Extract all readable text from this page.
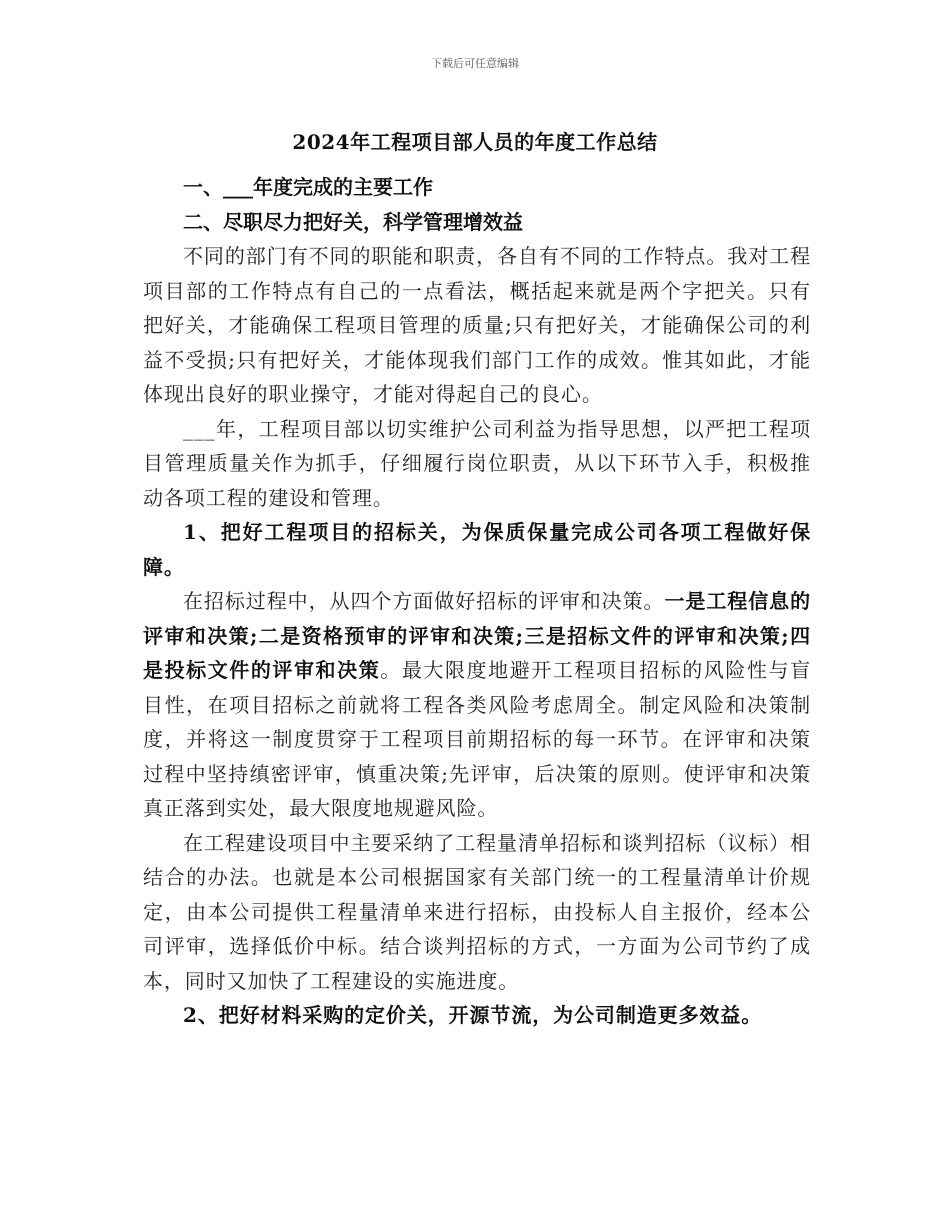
下载后可任意编辑
2024年工程项目部人员的年度工作总结

一、___年度完成的主要工作

二、尽职尽力把好关，科学管理增效益

不同的部门有不同的职能和职责，各自有不同的工作特点。我对工程项目部的工作特点有自己的一点看法，概括起来就是两个字把关。只有把好关，才能确保工程项目管理的质量;只有把好关，才能确保公司的利益不受损;只有把好关，才能体现我们部门工作的成效。惟其如此，才能体现出良好的职业操守，才能对得起自己的良心。

___年，工程项目部以切实维护公司利益为指导思想，以严把工程项目管理质量关作为抓手，仔细履行岗位职责，从以下环节入手，积极推动各项工程的建设和管理。

1、把好工程项目的招标关，为保质保量完成公司各项工程做好保障。

在招标过程中，从四个方面做好招标的评审和决策。一是工程信息的评审和决策;二是资格预审的评审和决策;三是招标文件的评审和决策;四是投标文件的评审和决策。最大限度地避开工程项目招标的风险性与盲目性，在项目招标之前就将工程各类风险考虑周全。制定风险和决策制度，并将这一制度贯穿于工程项目前期招标的每一环节。在评审和决策过程中坚持缜密评审，慎重决策;先评审，后决策的原则。使评审和决策真正落到实处，最大限度地规避风险。

在工程建设项目中主要采纳了工程量清单招标和谈判招标（议标）相结合的办法。也就是本公司根据国家有关部门统一的工程量清单计价规定，由本公司提供工程量清单来进行招标，由投标人自主报价，经本公司评审，选择低价中标。结合谈判招标的方式，一方面为公司节约了成本，同时又加快了工程建设的实施进度。

2、把好材料采购的定价关，开源节流，为公司制造更多效益。
